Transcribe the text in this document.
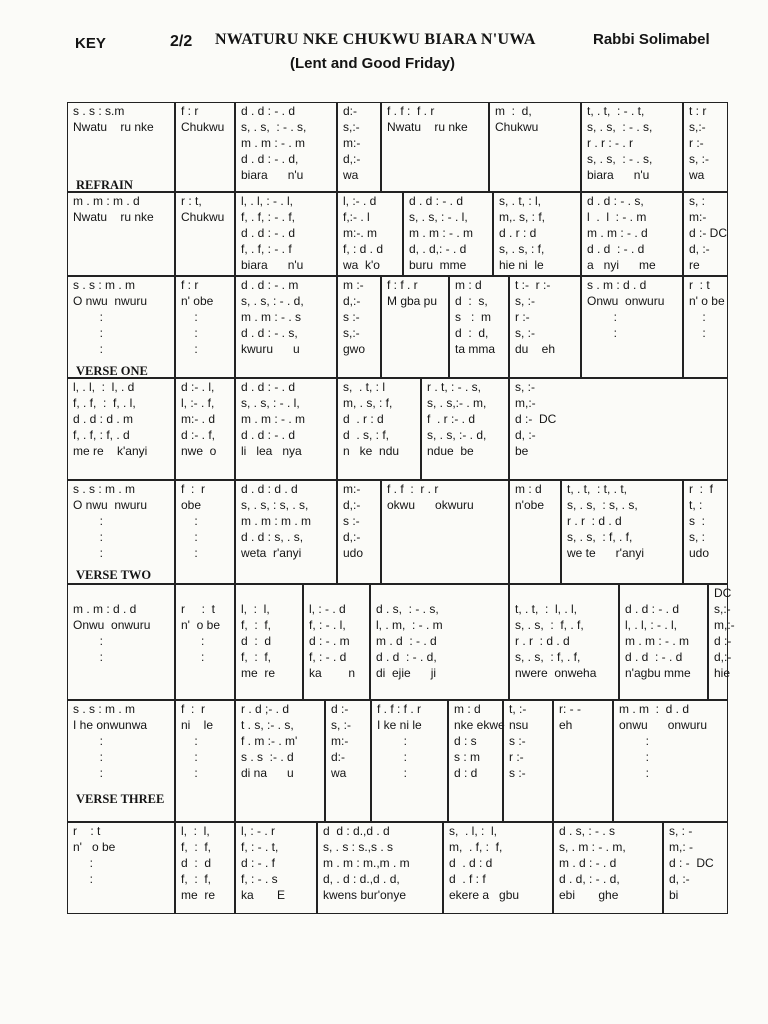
KEY	2/2 NWATURU NKE CHUKWU BIARA N'UWA	Rabbi Solimabel
(Lent and Good Friday)
s . s : s.m
Nwatu    ru nke
f : r
Chukwu
d . d : - . d
s, . s,  : - . s,
m . m : - . m
d . d : - . d,
biara      n'u
d:-
s,:-
m:-
d,:-
wa
f . f :  f . r
Nwatu    ru nke
m  :  d,
Chukwu
t, . t,  : - . t,
s, . s,  : - . s,
r . r : - . r
s, . s,  : - . s,
biara      n'u
t : r
s,:-
r :-
s, :-
wa
m . m : m . d
Nwatu    ru nke
r : t,
Chukwu
l, . l, : - . l,
f, . f, : - . f,
d . d : - . d
f, . f, : - . f
biara      n'u
l, :- . d
f,:- . l
m:-. m
f, : d . d
wa  k'o
d . d : - . d
s, . s, : - . l,
m . m : - . m
d, . d,: - . d
buru  mme
s, . t, : l,
m,. s, : f,
d . r : d
s, . s, : f,
hie ni  le
d . d : - . s,
l  .  l  : - . m
m . m : - . d
d . d  : - . d
a   nyi      me
s, :
m:-
d :- DC
d, :-
re
s . s : m . m
O nwu  nwuru
:
:
:
f : r
n' obe
:
:
:
d . d : - . m
s, . s, : - . d,
m . m : - . s
d . d : - . s,
kwuru      u
m :-
d,:-
s :-
s,:-
gwo
f : f . r
M gba pu
m : d
d  :  s,
s   :  m
d  :  d,
ta mma
t :-  r :-
s, :-
r :-
s, :-
du    eh
s . m : d . d
Onwu  onwuru
:
:
r  : t
n' o be
:
:
l, . l,  :  l, . d
f, . f,  :  f, . l,
d . d : d . m
f, . f, : f, . d
me re    k'anyi
d :- . l,
l, :- . f,
m:- . d
d :- . f,
nwe  o
d . d : - . d
s, . s, : - . l,
m . m : - . m
d . d : - . d
li   lea   nya
s,  . t, : l
m, . s, : f,
d  . r : d
d  . s, : f,
n   ke  ndu
r . t, : - . s,
s, . s,:- . m,
f  . r :- . d
s, . s, :- . d,
ndue  be
s, :-
m,:-
d :-  DC
d, :-
be
s . s : m . m
O nwu  nwuru
:
:
:
f  :  r
obe
:
:
:
d . d : d . d
s, . s, : s, . s,
m . m : m . m
d . d : s, . s,
weta  r'anyi
m:-
d,:-
s :-
d,:-
udo
f . f  :  r . r
okwu      okwuru
m : d
n'obe
t, . t,  : t, . t,
s, . s,  : s, . s,
r . r  : d . d
s, . s,  : f, . f,
we te      r'anyi
r  :  f
t, :
s  :
s, :
udo
m . m : d . d
Onwu  onwuru
:
:
r     :  t
n'  o be
:
:
l,  :  l,
f,  :  f,
d  :  d
f,  :  f,
me  re
l, : - . d
f, : - . l,
d : - . m
f, : - . d
ka        n
d . s,  : - . s,
l, . m,  : - . m
m . d  : - . d
d . d  : - . d,
di  ejie      ji
t, . t,  :  l, . l,
s, . s,  :  f, . f,
r . r  : d . d
s, . s,  : f, . f,
nwere  onweha
d . d : - . d
l, . l, : - . l,
m . m : - . m
d . d  : - . d
n'agbu mme
DC
s,:-
m,:-
d :-
d,:-
hie
s . s : m . m
I he onwunwa
:
:
:
f  :  r
ni    le
:
:
:
r . d ;- . d
t . s, :- . s,
f . m :- . m'
s . s  :- . d
di na      u
d :-
s, :-
m:-
d:-
wa
f . f : f . r
I ke ni le
:
:
:
m : d
nke ekwe
d : s
s : m
d : d
t, :-
nsu
s :-
r :-
s :-
r: - -
eh
m . m  :  d . d
onwu      onwuru
:
:
:
r    : t
n'   o be
:
:
l,  :  l,
f,  :  f,
d  :  d
f,  :  f,
me  re
l, : - . r
f, : - . t,
d : - . f
f, : - . s
ka       E
d  d : d.,d . d
s, . s : s.,s . s
m . m : m.,m . m
d, . d : d.,d . d,
kwens bur'onye
s,  . l, :  l,
m,  . f, :  f,
d  . d : d
d  . f : f
ekere a   gbu
d . s, : - . s
s, . m : - . m,
m . d : - . d
d . d, : - . d,
ebi       ghe
s, : -
m,: -
d : -  DC
d, :-
bi
REFRAIN
VERSE ONE
VERSE TWO
VERSE THREE
